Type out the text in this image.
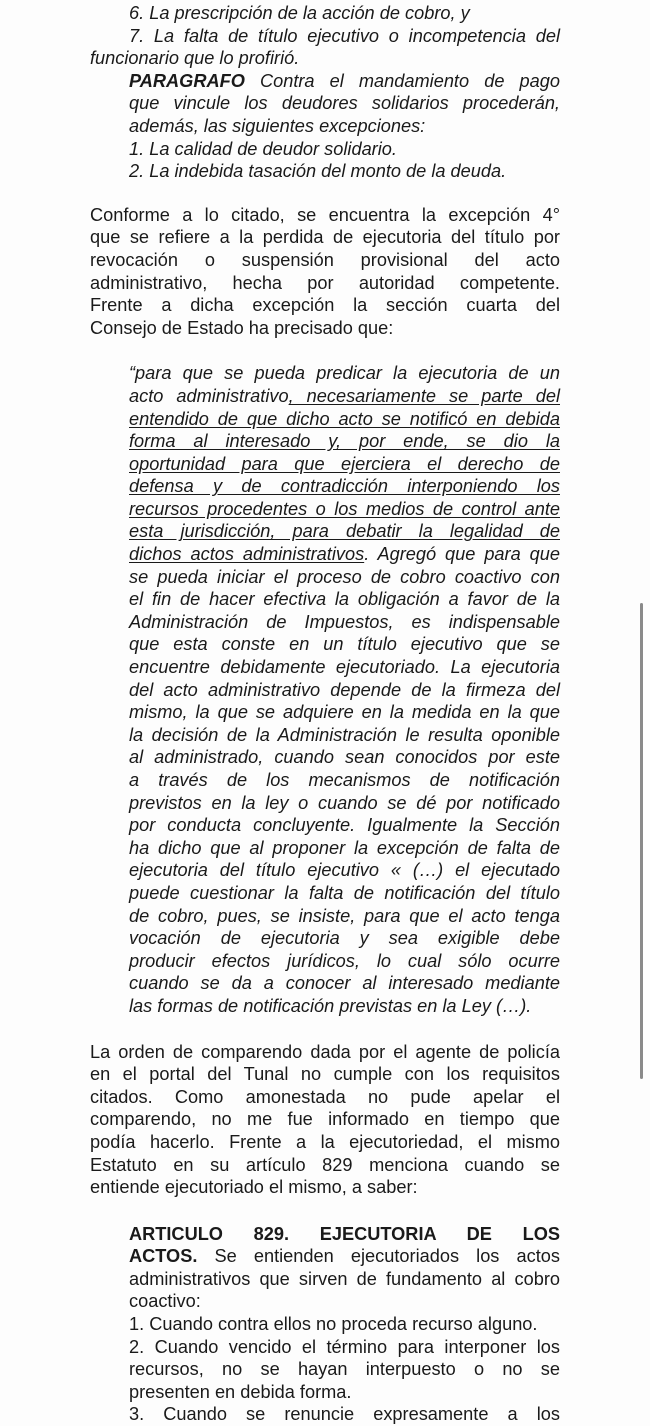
6. La prescripción de la acción de cobro, y
7. La falta de título ejecutivo o incompetencia del
funcionario que lo profirió.
PARAGRAFO Contra el mandamiento de pago
que vincule los deudores solidarios procederán,
además, las siguientes excepciones:
1. La calidad de deudor solidario.
2. La indebida tasación del monto de la deuda.
Conforme a lo citado, se encuentra la excepción 4°
que se refiere a la perdida de ejecutoria del título por
revocación o suspensión provisional del acto
administrativo, hecha por autoridad competente.
Frente a dicha excepción la sección cuarta del
Consejo de Estado ha precisado que:
“para que se pueda predicar la ejecutoria de un
acto administrativo, necesariamente se parte del
entendido de que dicho acto se notificó en debida
forma al interesado y, por ende, se dio la
oportunidad para que ejerciera el derecho de
defensa y de contradicción interponiendo los
recursos procedentes o los medios de control ante
esta jurisdicción, para debatir la legalidad de
dichos actos administrativos. Agregó que para que
se pueda iniciar el proceso de cobro coactivo con
el fin de hacer efectiva la obligación a favor de la
Administración de Impuestos, es indispensable
que esta conste en un título ejecutivo que se
encuentre debidamente ejecutoriado. La ejecutoria
del acto administrativo depende de la firmeza del
mismo, la que se adquiere en la medida en la que
la decisión de la Administración le resulta oponible
al administrado, cuando sean conocidos por este
a través de los mecanismos de notificación
previstos en la ley o cuando se dé por notificado
por conducta concluyente. Igualmente la Sección
ha dicho que al proponer la excepción de falta de
ejecutoria del título ejecutivo « (…) el ejecutado
puede cuestionar la falta de notificación del título
de cobro, pues, se insiste, para que el acto tenga
vocación de ejecutoria y sea exigible debe
producir efectos jurídicos, lo cual sólo ocurre
cuando se da a conocer al interesado mediante
las formas de notificación previstas en la Ley (…).
La orden de comparendo dada por el agente de policía
en el portal del Tunal no cumple con los requisitos
citados. Como amonestada no pude apelar el
comparendo, no me fue informado en tiempo que
podía hacerlo. Frente a la ejecutoriedad, el mismo
Estatuto en su artículo 829 menciona cuando se
entiende ejecutoriado el mismo, a saber:
ARTICULO 829. EJECUTORIA DE LOS
ACTOS. Se entienden ejecutoriados los actos
administrativos que sirven de fundamento al cobro
coactivo:
1. Cuando contra ellos no proceda recurso alguno.
2. Cuando vencido el término para interponer los
recursos, no se hayan interpuesto o no se
presenten en debida forma.
3. Cuando se renuncie expresamente a los
